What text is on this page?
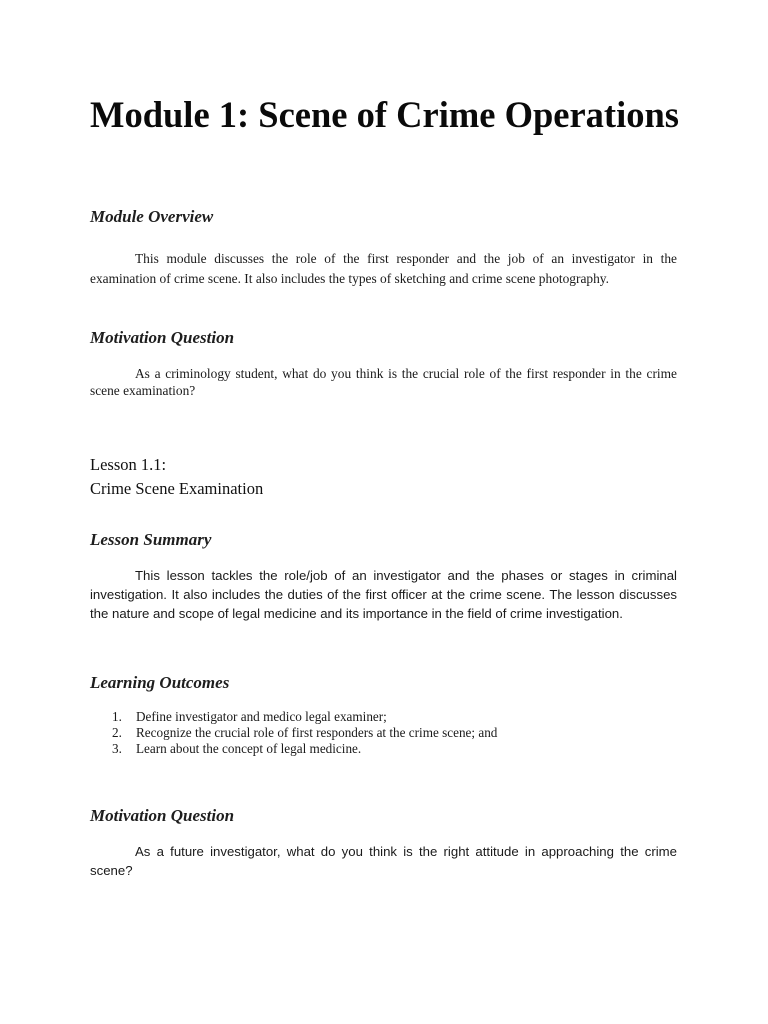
Module 1: Scene of Crime Operations
Module Overview

This module discusses the role of the first responder and the job of an investigator in the examination of crime scene. It also includes the types of sketching and crime scene photography.

Motivation Question

As a criminology student, what do you think is the crucial role of the first responder in the crime scene examination?

Lesson 1.1:
Crime Scene Examination
Lesson Summary

This lesson tackles the role/job of an investigator and the phases or stages in criminal investigation. It also includes the duties of the first officer at the crime scene. The lesson discusses the nature and scope of legal medicine and its importance in the field of crime investigation.

Learning Outcomes
1. Define investigator and medico legal examiner;
2. Recognize the crucial role of first responders at the crime scene; and
3. Learn about the concept of legal medicine.
Motivation Question

As a future investigator, what do you think is the right attitude in approaching the crime scene?
